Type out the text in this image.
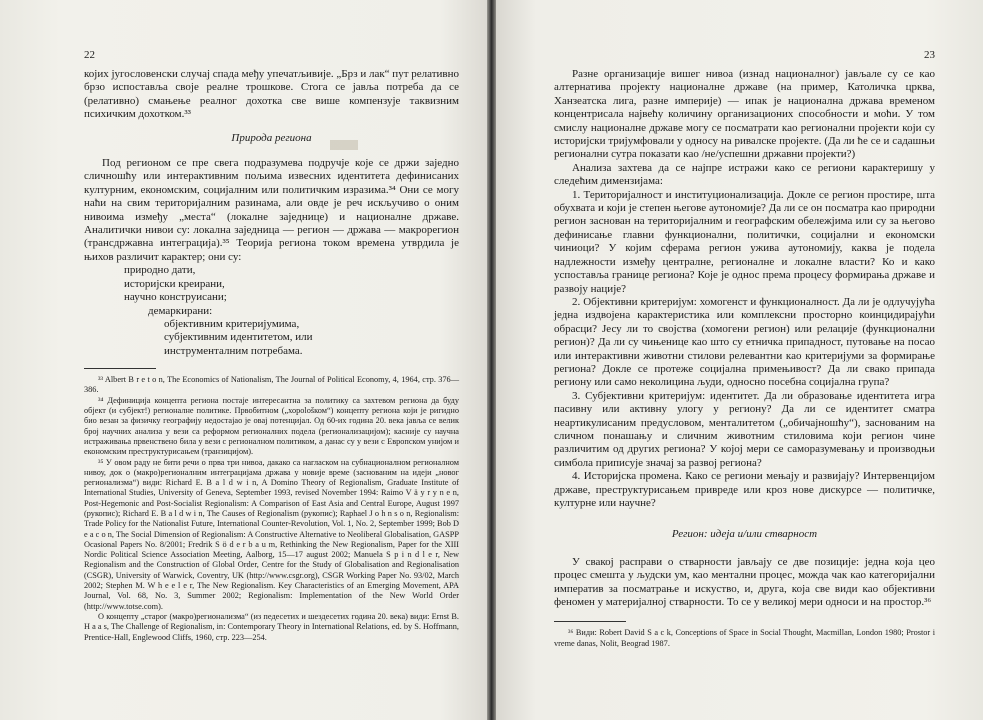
22

којих југословенски случај спада међу упечатљивије. „Брз и лак“ пут релативно брзо испоставља своје реалне трошкове. Стога се јавља потреба да се (релативно) смањење реалног дохотка све више компензује таквизним психичким дохотком.³³

Природа региона

Под регионом се пре свега подразумева подручје које се држи заједно сличношћу или интерактивним пољима извесних идентитета дефинисаних културним, економским, социјалним или политичким изразима.³⁴ Они се могу наћи на свим територијалним разинама, али овде је реч искључиво о оним нивоима између „места“ (локалне заједнице) и националне државе. Аналитички нивои су: локална заједница — регион — држава — макрорегион (трансдржавна интеграција).³⁵ Теорија региона током времена утврдила је њихов различит карактер; они су:

природно дати,
историјски креирани,
научно конструисани;
демаркирани:
објективним критеријумима,
субјективним идентитетом, или
инструменталним потребама.

³³ Albert B r e t o n, The Economics of Nationalism, The Journal of Political Economy, 4, 1964, стр. 376—386.

³⁴ Дефиниција концепта региона постаје интересантна за политику са захтевом региона да буду објект (и субјект!) регионалне политике. Првобитном („хорološком“) концепту региона који је ригидно био везан за физичку географију недостајао је овај потенцијал. Од 60-их година 20. века јавља се велик број научних анализа у вези са реформом регионалних подела (регионализацијом); касније су научна истраживања првенствено била у вези с регионалном политиком, а данас су у вези с Европском унијом и економским преструктурисањем (транзицијом).

³⁵ У овом раду не бити речи о прва три нивоа, дакако са нагласком на субнационалном регионалном нивоу, док о (макро)регионалним интеграцијама држава у новије време (заснованим на идеји „новог регионализма“) види: Richard E. B a l d w i n, A Domino Theory of Regionalism, Graduate Institute of International Studies, University of Geneva, September 1993, revised November 1994: Raimo V ä y r y n e n, Post-Hegemonic and Post-Socialist Regionalism: A Comparison of East Asia and Central Europe, August 1997 (рукопис); Richard E. B a l d w i n, The Causes of Regionalism (рукопис); Raphael J o h n s o n, Regionalism: Trade Policy for the Nationalist Future, International Counter-Revolution, Vol. 1, No. 2, September 1999; Bob D e a c o n, The Social Dimension of Regionalism: A Constructive Alternative to Neoliberal Globalisation, GASPP Ocasional Papers No. 8/2001; Fredrik S ö d e r b a u m, Rethinking the New Regionalism, Paper for the XIII Nordic Political Science Association Meeting, Aalborg, 15—17 august 2002; Manuela S p i n d l e r, New Regionalism and the Construction of Global Order, Centre for the Study of Globalisation and Regionalisation (CSGR), University of Warwick, Coventry, UK (http://www.csgr.org), CSGR Working Paper No. 93/02, March 2002; Stephen M. W h e e l e r, The New Regionalism. Key Characteristics of an Emerging Movement, APA Journal, Vol. 68, No. 3, Summer 2002; Regionalism: Implementation of the New World Order (http://www.totse.com).

О концепту „старог (макро)регионализма“ (из педесетих и шездесетих година 20. века) види: Ernst B. H a a s, The Challenge of Regionalism, in: Contemporary Theory in International Relations, ed. by S. Hoffmann, Prentice-Hall, Englewood Cliffs, 1960, стр. 223—254.

23

Разне организације вишег нивоа (изнад националног) јављале су се као алтернатива пројекту националне државе (на пример, Католичка црква, Ханзеатска лига, разне империје) — ипак је национална држава временом концентрисала највећу количину организационих способности и моћи. У том смислу националне државе могу се посматрати као регионални пројекти који су историјски тријумфовали у односу на ривалске пројекте. (Да ли ће се и садашњи регионални сутра показати као /не/успешни државни пројекти?)

Анализа захтева да се најпре истражи како се региони карактеришу у следећим димензијама:

1. Територијалност и институционализација. Докле се регион простире, шта обухвата и који је степен његове аутономије? Да ли се он посматра као природни регион заснован на територијалним и географским обележјима или су за његово дефинисање главни функционални, политички, социјални и економски чиниоци? У којим сферама регион ужива аутономију, каква је подела надлежности између централне, регионалне и локалне власти? Ко и како успоставља границе региона? Које је однос према процесу формирања државе и развоју нације?

2. Објективни критеријум: хомогенст и функционалност. Да ли је одлучујућа једна издвојена карактеристика или комплексни просторно коинцидирајући обрасци? Јесу ли то својства (хомогени регион) или релације (функционални регион)? Да ли су чињенице као што су етничка припадност, путовање на посао или интерактивни животни стилови релевантни као критеријуми за формирање региона? Докле се протеже социјална примењивост? Да ли свако припада региону или само неколицина људи, односно посебна социјална група?

3. Субјективни критеријум: идентитет. Да ли образовање идентитета игра пасивну или активну улогу у региону? Да ли се идентитет сматра неартикулисаним предусловом, менталитетом („обичајношћу“), заснованим на сличном понашању и сличним животним стиловима који регион чине различитим од других региона? У којој мери се саморазумевању и производњи симбола приписује значај за развој региона?

4. Историјска промена. Како се региони мењају и развијају? Интервенцијом државе, преструктурисањем привреде или кроз нове дискурсе — политичке, културне или научне?

Регион: идеја и/или стварност

У свакој расправи о стварности јављају се две позиције: једна која цео процес смешта у људски ум, као ментални процес, можда чак као категоријални императив за посматрање и искуство, и, друга, која све види као објективни феномен у материјалној стварности. То се у великој мери односи и на простор.³⁶

³⁶ Види: Robert David S a c k, Conceptions of Space in Social Thought, Macmillan, London 1980; Prostor i vreme danas, Nolit, Beograd 1987.
